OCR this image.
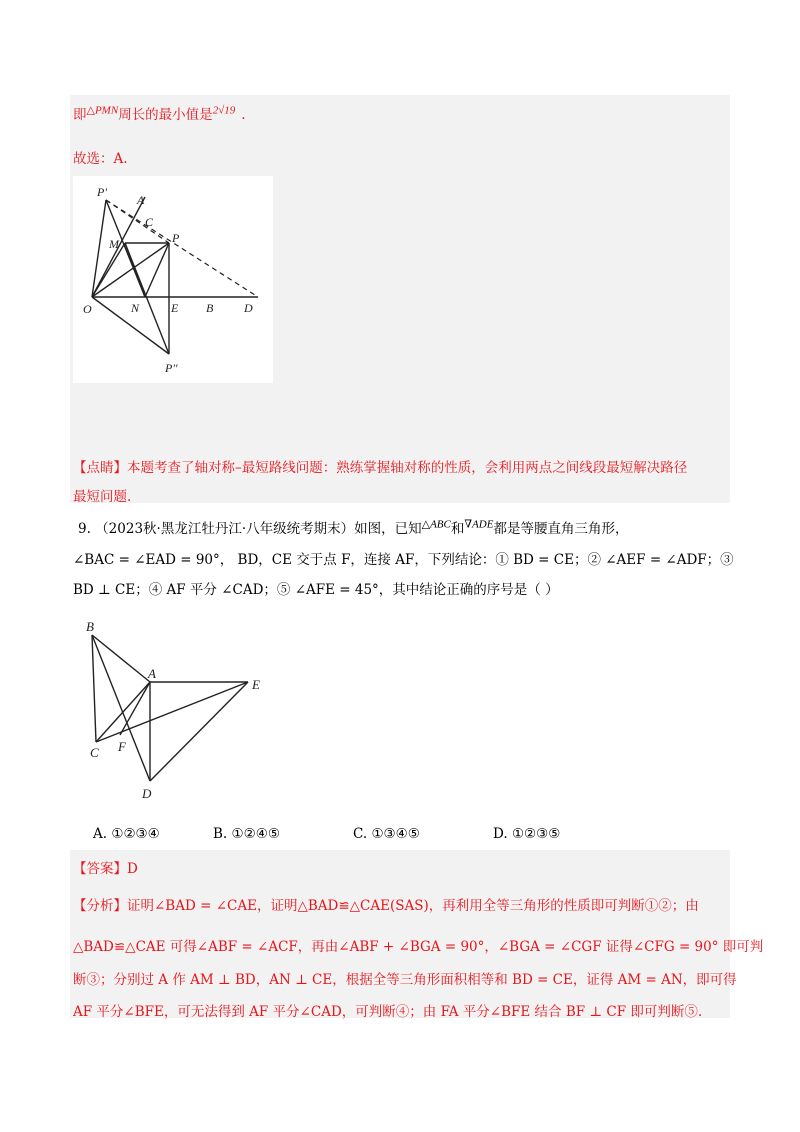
即$^{\triangle PMN}$周长的最小值是$^{2√19}$ .
故选：A.
P'
A
C
M	P
O	N	E B	D
P''
【点睛】本题考查了轴对称–最短路线问题：熟练掌握轴对称的性质，会利用两点之间线段最短解决路径
最短问题.
9. （2023秋·黑龙江牡丹江·八年级统考期末）如图，已知$^{\triangle ABC}$和$^{\nabla ADE}$都是等腰直角三角形，
∠BAC = ∠EAD = 90°， BD，CE 交于点 F，连接 AF，下列结论：① BD = CE；② ∠AEF = ∠ADF；③
BD ⊥ CE；④ AF 平分 ∠CAD；⑤ ∠AFE = 45°，其中结论正确的序号是（ ）
B
A
E
C F
D
A. ①②③④	B. ①②④⑤	C. ①③④⑤	D. ①②③⑤
【答案】D
【分析】证明∠BAD = ∠CAE，证明△BAD≌△CAE(SAS)，再利用全等三角形的性质即可判断①②；由
△BAD≌△CAE 可得∠ABF = ∠ACF，再由∠ABF + ∠BGA = 90°，∠BGA = ∠CGF 证得∠CFG = 90° 即可判
断③；分别过 A 作 AM ⊥ BD，AN ⊥ CE，根据全等三角形面积相等和 BD = CE，证得 AM = AN，即可得
AF 平分∠BFE，可无法得到 AF 平分∠CAD，可判断④；由 FA 平分∠BFE 结合 BF ⊥ CF 即可判断⑤.
